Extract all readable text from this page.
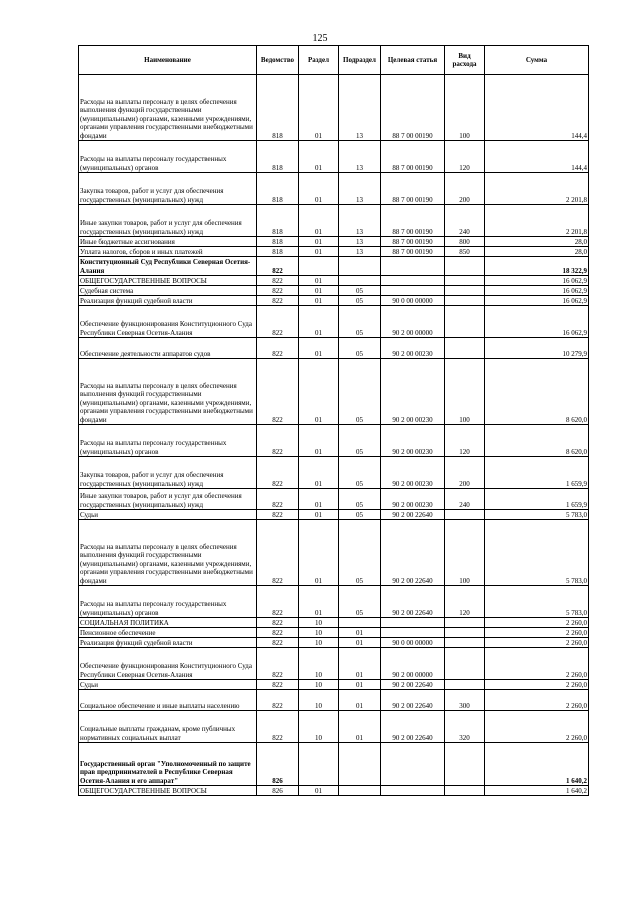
125
Наименование	Ведомство	Раздел	Подраздел	Целевая статья	Вид расхода	Сумма
Расходы на выплаты персоналу в целях обеспечения выполнения функций государственными (муниципальными) органами, казенными учреждениями, органами управления государственными внебюджетными фондами	818	01	13	88 7 00 00190	100	144,4
Расходы на выплаты персоналу государственных (муниципальных) органов	818	01	13	88 7 00 00190	120	144,4
Закупка товаров, работ и услуг для обеспечения государственных (муниципальных) нужд	818	01	13	88 7 00 00190	200	2 201,8
Иные закупки товаров, работ и услуг для обеспечения государственных (муниципальных) нужд	818	01	13	88 7 00 00190	240	2 201,8
Иные бюджетные ассигнования	818	01	13	88 7 00 00190	800	28,0
Уплата налогов, сборов и иных платежей	818	01	13	88 7 00 00190	850	28,0
Конституционный Суд Республики Северная Осетия-Алания	822					18 322,9
ОБЩЕГОСУДАРСТВЕННЫЕ ВОПРОСЫ	822	01				16 062,9
Судебная система	822	01	05			16 062,9
Реализация функций судебной власти	822	01	05	90 0 00 00000		16 062,9
Обеспечение функционирования Конституционного Суда Республики Северная Осетия-Алания	822	01	05	90 2 00 00000		16 062,9
Обеспечение деятельности аппаратов судов	822	01	05	90 2 00 00230		10 279,9
Расходы на выплаты персоналу в целях обеспечения выполнения функций государственными (муниципальными) органами, казенными учреждениями, органами управления государственными внебюджетными фондами	822	01	05	90 2 00 00230	100	8 620,0
Расходы на выплаты персоналу государственных (муниципальных) органов	822	01	05	90 2 00 00230	120	8 620,0
Закупка товаров, работ и услуг для обеспечения государственных (муниципальных) нужд	822	01	05	90 2 00 00230	200	1 659,9
Иные закупки товаров, работ и услуг для обеспечения государственных (муниципальных) нужд	822	01	05	90 2 00 00230	240	1 659,9
Судьи	822	01	05	90 2 00 22640		5 783,0
Расходы на выплаты персоналу в целях обеспечения выполнения функций государственными (муниципальными) органами, казенными учреждениями, органами управления государственными внебюджетными фондами	822	01	05	90 2 00 22640	100	5 783,0
Расходы на выплаты персоналу государственных (муниципальных) органов	822	01	05	90 2 00 22640	120	5 783,0
СОЦИАЛЬНАЯ ПОЛИТИКА	822	10				2 260,0
Пенсионное обеспечение	822	10	01			2 260,0
Реализация функций судебной власти	822	10	01	90 0 00 00000		2 260,0
Обеспечение функционирования Конституционного Суда Республики Северная Осетия-Алания	822	10	01	90 2 00 00000		2 260,0
Судьи	822	10	01	90 2 00 22640		2 260,0
Социальное обеспечение и иные выплаты населению	822	10	01	90 2 00 22640	300	2 260,0
Социальные выплаты гражданам, кроме публичных нормативных социальных выплат	822	10	01	90 2 00 22640	320	2 260,0
Государственный орган "Уполномоченный по защите прав предпринимателей в Республике Северная Осетия-Алания и его аппарат"	826					1 640,2
ОБЩЕГОСУДАРСТВЕННЫЕ ВОПРОСЫ	826	01				1 640,2
